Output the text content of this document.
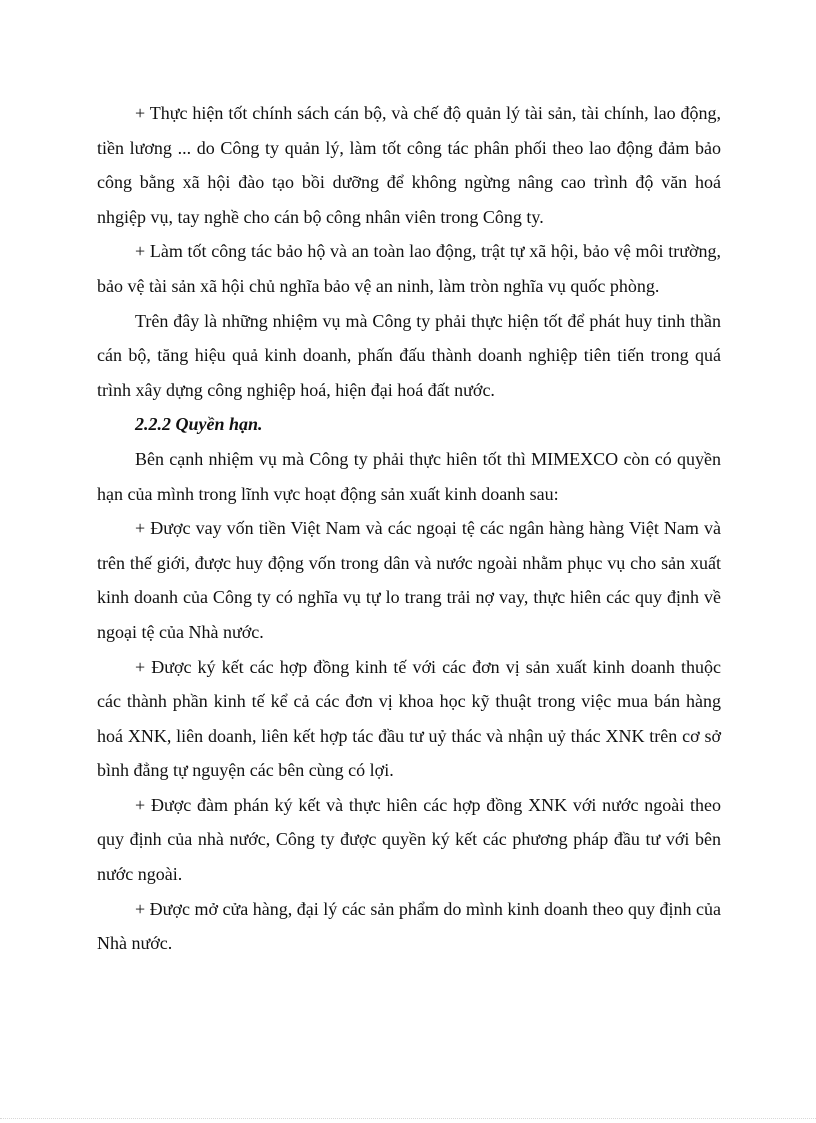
+ Thực hiện tốt chính sách cán bộ, và chế độ quản lý tài sản, tài chính, lao động, tiền lương ... do Công ty quản lý, làm tốt công tác phân phối theo lao động đảm bảo công bằng xã hội đào tạo bồi dưỡng để không ngừng nâng cao trình độ văn hoá nhgiệp vụ, tay nghề cho cán bộ công nhân viên trong Công ty.

+ Làm tốt công tác bảo hộ và an toàn lao động, trật tự xã hội, bảo vệ môi trường, bảo vệ tài sản xã hội chủ nghĩa bảo vệ an ninh, làm tròn nghĩa vụ quốc phòng.

Trên đây là những nhiệm vụ mà Công ty phải thực hiện tốt để phát huy tinh thần cán bộ, tăng hiệu quả kinh doanh, phấn đấu thành doanh nghiệp tiên tiến trong quá trình xây dựng công nghiệp hoá, hiện đại hoá đất nước.

2.2.2 Quyền hạn.

Bên cạnh nhiệm vụ mà Công ty phải thực hiên tốt thì MIMEXCO còn có quyền hạn của mình trong lĩnh vực hoạt động sản xuất kinh doanh sau:

+ Được vay vốn tiền Việt Nam và các ngoại tệ các ngân hàng hàng Việt Nam và trên thế giới, được huy động vốn trong dân và nước ngoài nhằm phục vụ cho sản xuất kinh doanh của Công ty có nghĩa vụ tự lo trang trải nợ vay, thực hiên các quy định về ngoại tệ của Nhà nước.

+ Được ký kết các hợp đồng kinh tế với các đơn vị sản xuất kinh doanh thuộc các thành phần kinh tế kể cả các đơn vị khoa học kỹ thuật trong việc mua bán hàng hoá XNK, liên doanh, liên kết hợp tác đầu tư uỷ thác và nhận uỷ thác XNK trên cơ sở bình đẳng tự nguyện các bên cùng có lợi.

+ Được đàm phán ký kết và thực hiên các hợp đồng XNK với nước ngoài theo quy định của nhà nước, Công ty được quyền ký kết các phương pháp đầu tư với bên nước ngoài.

+ Được mở cửa hàng, đại lý các sản phẩm do mình kinh doanh theo quy định của Nhà nước.
